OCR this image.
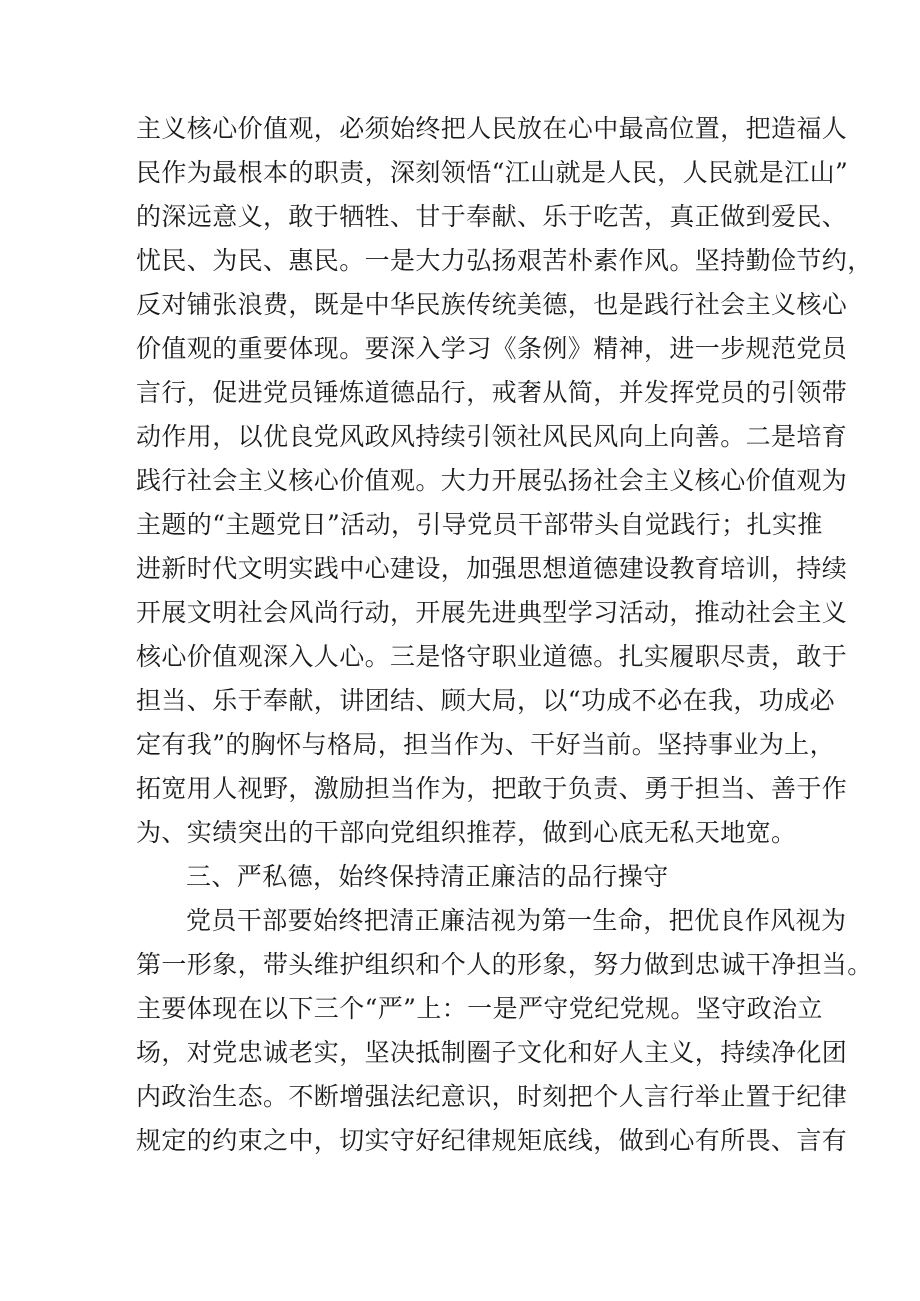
主义核心价值观，必须始终把人民放在心中最高位置，把造福人
民作为最根本的职责，深刻领悟“江山就是人民，人民就是江山”
的深远意义，敢于牺牲、甘于奉献、乐于吃苦，真正做到爱民、
忧民、为民、惠民。一是大力弘扬艰苦朴素作风。坚持勤俭节约，
反对铺张浪费，既是中华民族传统美德，也是践行社会主义核心
价值观的重要体现。要深入学习《条例》精神，进一步规范党员
言行，促进党员锤炼道德品行，戒奢从简，并发挥党员的引领带
动作用，以优良党风政风持续引领社风民风向上向善。二是培育
践行社会主义核心价值观。大力开展弘扬社会主义核心价值观为
主题的“主题党日”活动，引导党员干部带头自觉践行；扎实推
进新时代文明实践中心建设，加强思想道德建设教育培训，持续
开展文明社会风尚行动，开展先进典型学习活动，推动社会主义
核心价值观深入人心。三是恪守职业道德。扎实履职尽责，敢于
担当、乐于奉献，讲团结、顾大局，以“功成不必在我，功成必
定有我”的胸怀与格局，担当作为、干好当前。坚持事业为上，
拓宽用人视野，激励担当作为，把敢于负责、勇于担当、善于作
为、实绩突出的干部向党组织推荐，做到心底无私天地宽。
三、严私德，始终保持清正廉洁的品行操守
党员干部要始终把清正廉洁视为第一生命，把优良作风视为
第一形象，带头维护组织和个人的形象，努力做到忠诚干净担当。
主要体现在以下三个“严”上：一是严守党纪党规。坚守政治立
场，对党忠诚老实，坚决抵制圈子文化和好人主义，持续净化团
内政治生态。不断增强法纪意识，时刻把个人言行举止置于纪律
规定的约束之中，切实守好纪律规矩底线，做到心有所畏、言有
